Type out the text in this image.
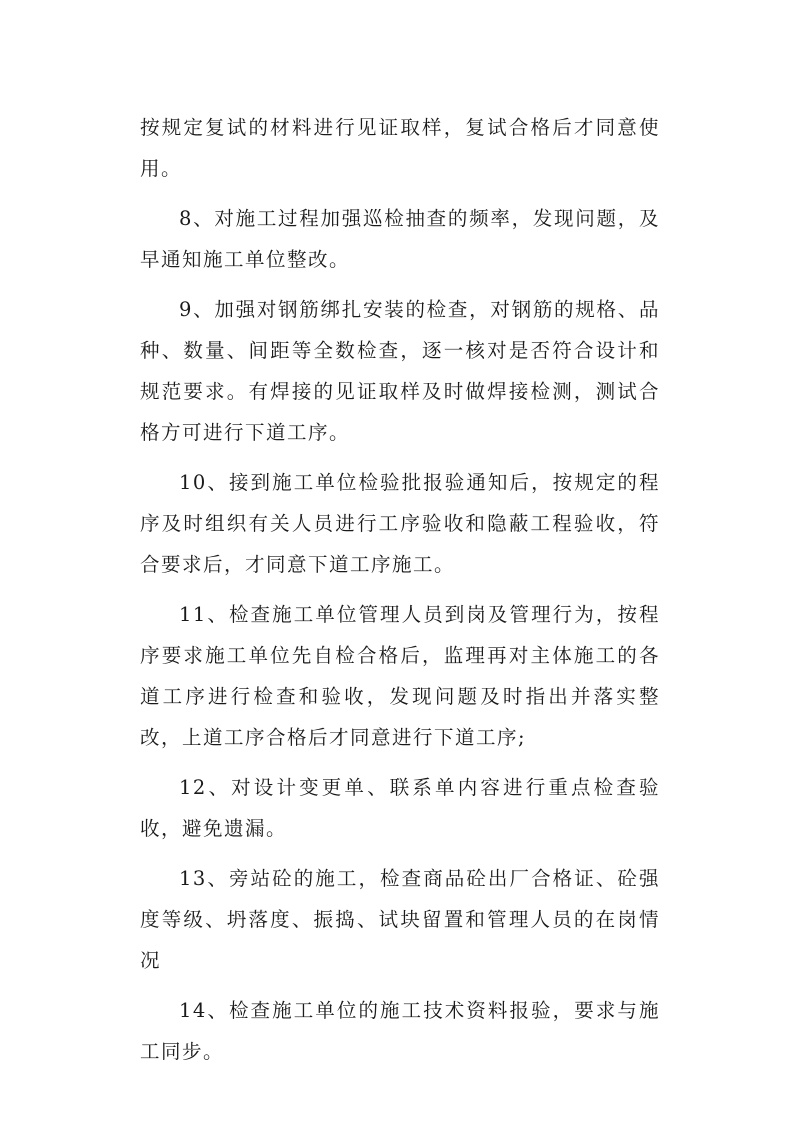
按规定复试的材料进行见证取样，复试合格后才同意使用。

8、对施工过程加强巡检抽查的频率，发现问题，及早通知施工单位整改。

9、加强对钢筋绑扎安装的检查，对钢筋的规格、品种、数量、间距等全数检查，逐一核对是否符合设计和规范要求。有焊接的见证取样及时做焊接检测，测试合格方可进行下道工序。

10、接到施工单位检验批报验通知后，按规定的程序及时组织有关人员进行工序验收和隐蔽工程验收，符合要求后，才同意下道工序施工。

11、检查施工单位管理人员到岗及管理行为，按程序要求施工单位先自检合格后，监理再对主体施工的各道工序进行检查和验收，发现问题及时指出并落实整改，上道工序合格后才同意进行下道工序;

12、对设计变更单、联系单内容进行重点检查验收，避免遗漏。

13、旁站砼的施工，检查商品砼出厂合格证、砼强度等级、坍落度、振捣、试块留置和管理人员的在岗情况

14、检查施工单位的施工技术资料报验，要求与施工同步。
